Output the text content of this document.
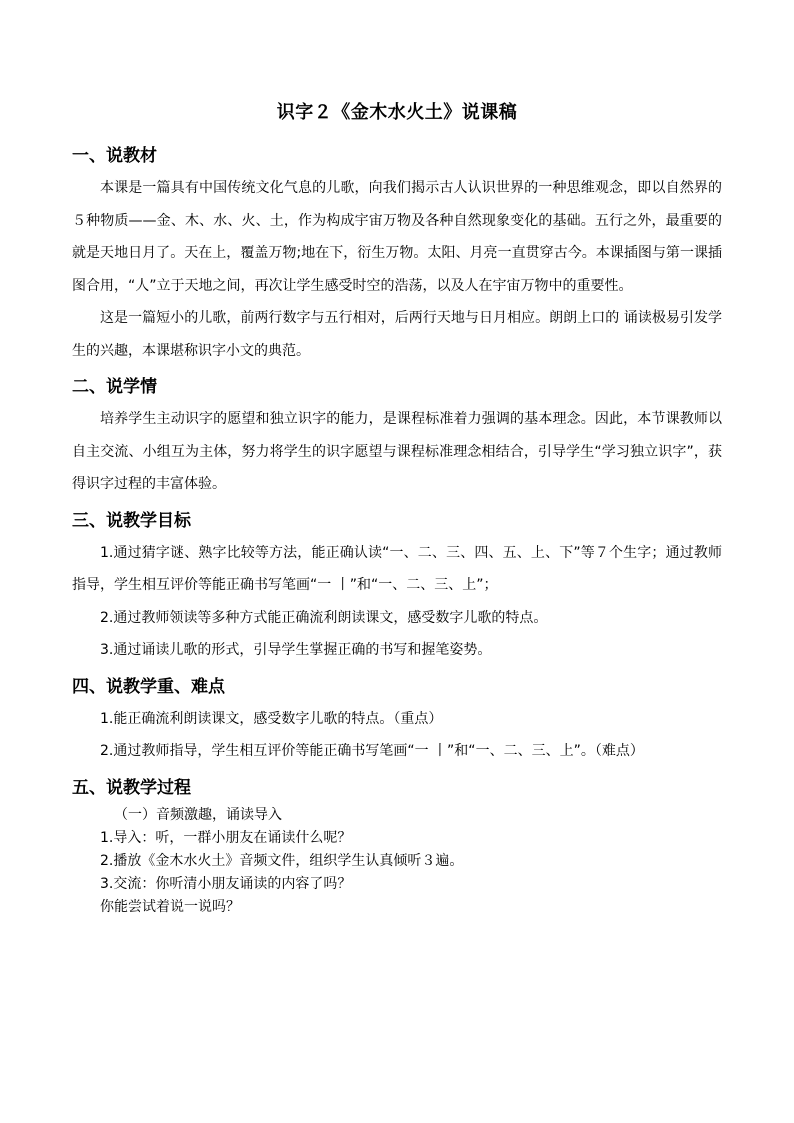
识字２《金木水火土》说课稿
一、说教材

本课是一篇具有中国传统文化气息的儿歌，向我们揭示古人认识世界的一种思维观念，即以自然界的５种物质——金、木、水、火、土，作为构成宇宙万物及各种自然现象变化的基础。五行之外，最重要的就是天地日月了。天在上，覆盖万物;地在下，衍生万物。太阳、月亮一直贯穿古今。本课插图与第一课插图合用，“人”立于天地之间，再次让学生感受时空的浩荡，以及人在宇宙万物中的重要性。

这是一篇短小的儿歌，前两行数字与五行相对，后两行天地与日月相应。朗朗上口的 诵读极易引发学生的兴趣，本课堪称识字小文的典范。

二、说学情

培养学生主动识字的愿望和独立识字的能力，是课程标准着力强调的基本理念。因此，本节课教师以自主交流、小组互为主体，努力将学生的识字愿望与课程标准理念相结合，引导学生“学习独立识字”，获得识字过程的丰富体验。

三、说教学目标

1.通过猜字谜、熟字比较等方法，能正确认读“一、二、三、四、五、上、下”等７个生字；通过教师指导，学生相互评价等能正确书写笔画“一 丨”和“一、二、三、上”；

2.通过教师领读等多种方式能正确流利朗读课文，感受数字儿歌的特点。

3.通过诵读儿歌的形式，引导学生掌握正确的书写和握笔姿势。

四、说教学重、难点

1.能正确流利朗读课文，感受数字儿歌的特点。（重点）

2.通过教师指导，学生相互评价等能正确书写笔画“一 丨”和“一、二、三、上”。（难点）

五、说教学过程

（一）音频激趣，诵读导入

1.导入：听，一群小朋友在诵读什么呢？

2.播放《金木水火土》音频文件，组织学生认真倾听３遍。

3.交流：你听清小朋友诵读的内容了吗？

你能尝试着说一说吗？
